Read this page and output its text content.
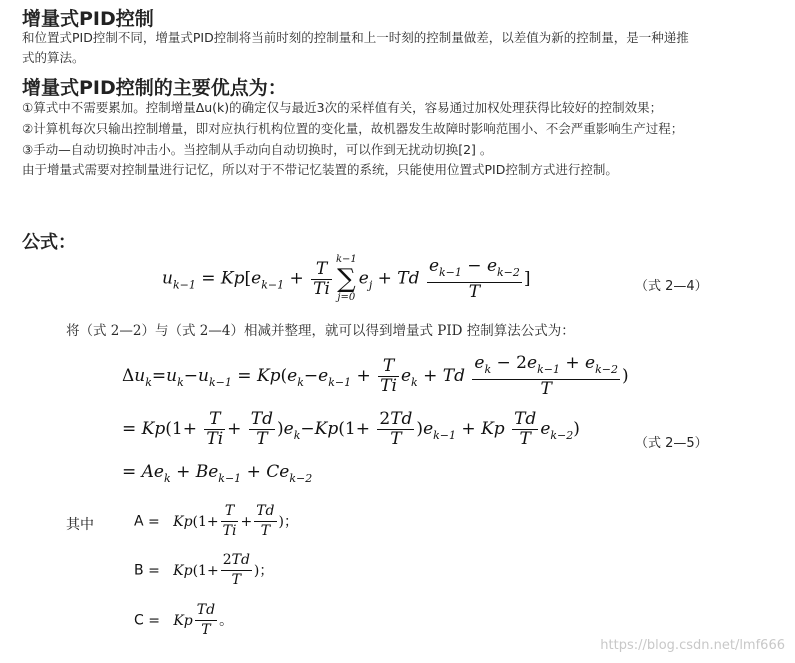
增量式PID控制
和位置式PID控制不同，增量式PID控制将当前时刻的控制量和上一时刻的控制量做差，以差值为新的控制量，是一种递推
式的算法。
增量式PID控制的主要优点为：
①算式中不需要累加。控制增量Δu(k)的确定仅与最近3次的采样值有关，容易通过加权处理获得比较好的控制效果；
②计算机每次只输出控制增量，即对应执行机构位置的变化量，故机器发生故障时影响范围小、不会严重影响生产过程；
③手动—自动切换时冲击小。当控制从手动向自动切换时，可以作到无扰动切换[2] 。
由于增量式需要对控制量进行记忆，所以对于不带记忆装置的系统，只能使用位置式PID控制方式进行控制。
公式：
$u_{k-1} = Kp[e_{k-1} + \frac{T}{Ti} k-1$
∑
j=0
$e_j + Td \frac{e_{k-1} - e_{k-2}}{T}$ ]	（式 2—4）
将（式 2—2）与（式 2—4）相减并整理，就可以得到增量式 PID 控制算法公式为：
$\Delta u_k=u_k-u_{k-1} = Kp(e_k-e_{k-1} + \frac{T}{Ti} e_k + Td \frac{e_k - 2e_{k-1} + e_{k-2}}{T}$ )
= $Kp(1+ \frac{T}{Ti} + \frac{Td}{T} )e_k-Kp(1+ \frac{2Td}{T} )e_{k-1} + Kp \frac{Td}{T} e_{k-2}$)
（式 2—5）
= $Ae_k + Be_{k-1} + Ce_{k-2}$
其中	$A = Kp(1+ \frac{T}{Ti} + \frac{Td}{T}$ )；
$B = Kp(1+ \frac{2Td}{T}$ )；
C =   Kp $\frac{Td}{T}$ 。
https://blog.csdn.net/lmf666
